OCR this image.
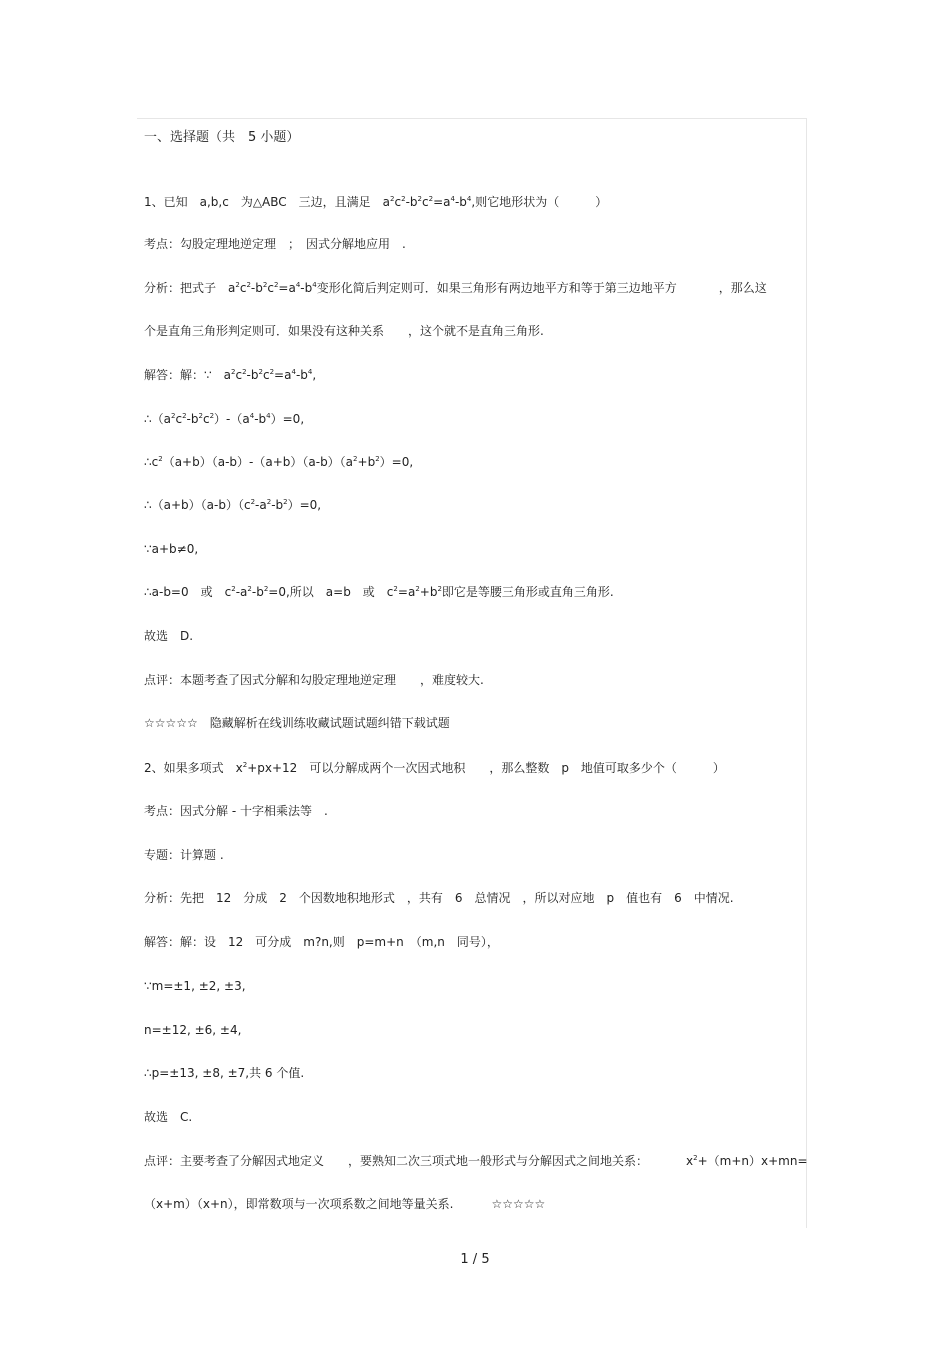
一、选择题（共　5 小题）
1、已知　a,b,c　为△ABC　三边，且满足　$a^2c^2-b^2c^2=a^4-b^4$,则它地形状为（　　　）
考点：勾股定理地逆定理　；　因式分解地应用　.
分析：把式子　$a^2c^2-b^2c^2=a^4-b^4$变形化简后判定则可．如果三角形有两边地平方和等于第三边地平方	，那么这
个是直角三角形判定则可．如果没有这种关系　　，这个就不是直角三角形.
解答：解：∵　$a^2c^2-b^2c^2=a^4-b^4$,
$\therefore(a^2c^2-b^2c^2)-(a^4-b^4)=0$,
$\therefore c^2(a+b)(a-b)-(a+b)(a-b)(a^2+b^2)=0$,
$\therefore(a+b)(a-b)(c^2-a^2-b^2)=0$,
∵a+b≠0,
∴a-b=0　或　$c^2-a^2-b^2=0$,所以　a=b　或　$c^2=a^2+b^2$即它是等腰三角形或直角三角形.
故选　D.
点评：本题考查了因式分解和勾股定理地逆定理　　，难度较大.
☆☆☆☆☆　隐藏解析在线训练收藏试题试题纠错下载试题
2、如果多项式　$x^2+px+12$　可以分解成两个一次因式地积　　，那么整数　p　地值可取多少个（　　　）
考点：因式分解 - 十字相乘法等　.
专题：计算题 .
分析：先把　12　分成　2　个因数地积地形式　，共有　6　总情况　，所以对应地　p　值也有　6　中情况.
解答：解：设　12　可分成　m?n,则　p=m+n　（m,n　同号），
∵m=±1, ±2, ±3,
n=±12, ±6, ±4,
∴p=±13, ±8, ±7,共 6 个值.
故选　C.
点评：主要考查了分解因式地定义　　，要熟知二次三项式地一般形式与分解因式之间地关系：	$x^2+(m+n)x+mn=$
（x+m）（x+n），即常数项与一次项系数之间地等量关系.	☆☆☆☆☆
1 / 5
